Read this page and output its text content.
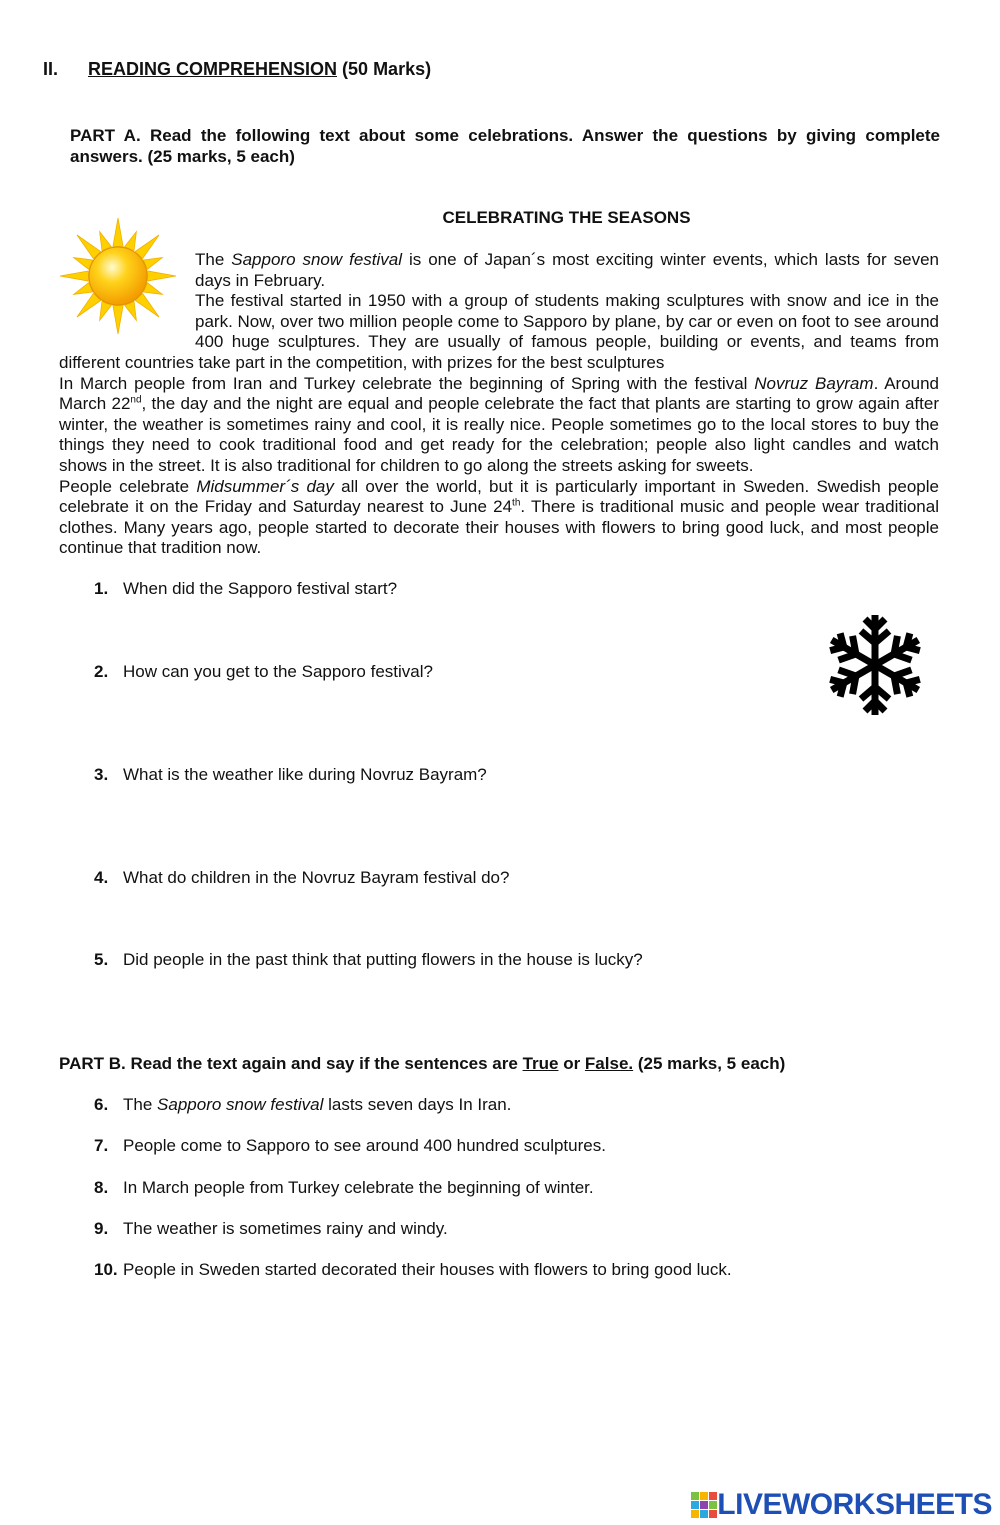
II. READING COMPREHENSION (50 Marks)
PART A. Read the following text about some celebrations. Answer the questions by giving complete answers. (25 marks, 5 each)
CELEBRATING THE SEASONS

The Sapporo snow festival is one of Japan´s most exciting winter events, which lasts for seven days in February.

The festival started in 1950 with a group of students making sculptures with snow and ice in the park. Now, over two million people come to Sapporo by plane, by car or even on foot to see around 400 huge sculptures. They are usually of famous people, building or events, and teams from different countries take part in the competition, with prizes for the best sculptures

In March people from Iran and Turkey celebrate the beginning of Spring with the festival Novruz Bayram. Around March 22nd, the day and the night are equal and people celebrate the fact that plants are starting to grow again after winter, the weather is sometimes rainy and cool, it is really nice. People sometimes go to the local stores to buy the things they need to cook traditional food and get ready for the celebration; people also light candles and watch shows in the street. It is also traditional for children to go along the streets asking for sweets.

People celebrate Midsummer´s day all over the world, but it is particularly important in Sweden. Swedish people celebrate it on the Friday and Saturday nearest to June 24th. There is traditional music and people wear traditional clothes. Many years ago, people started to decorate their houses with flowers to bring good luck, and most people continue that tradition now.

1. When did the Sapporo festival start?
2. How can you get to the Sapporo festival?
3. What is the weather like during Novruz Bayram?
4. What do children in the Novruz Bayram festival do?
5. Did people in the past think that putting flowers in the house is lucky?
PART B. Read the text again and say if the sentences are True or False. (25 marks, 5 each)
6. The Sapporo snow festival lasts seven days In Iran.
7. People come to Sapporo to see around 400 hundred sculptures.
8. In March people from Turkey celebrate the beginning of winter.
9. The weather is sometimes rainy and windy.
10. People in Sweden started decorated their houses with flowers to bring good luck.
LIVEWORKSHEETS
